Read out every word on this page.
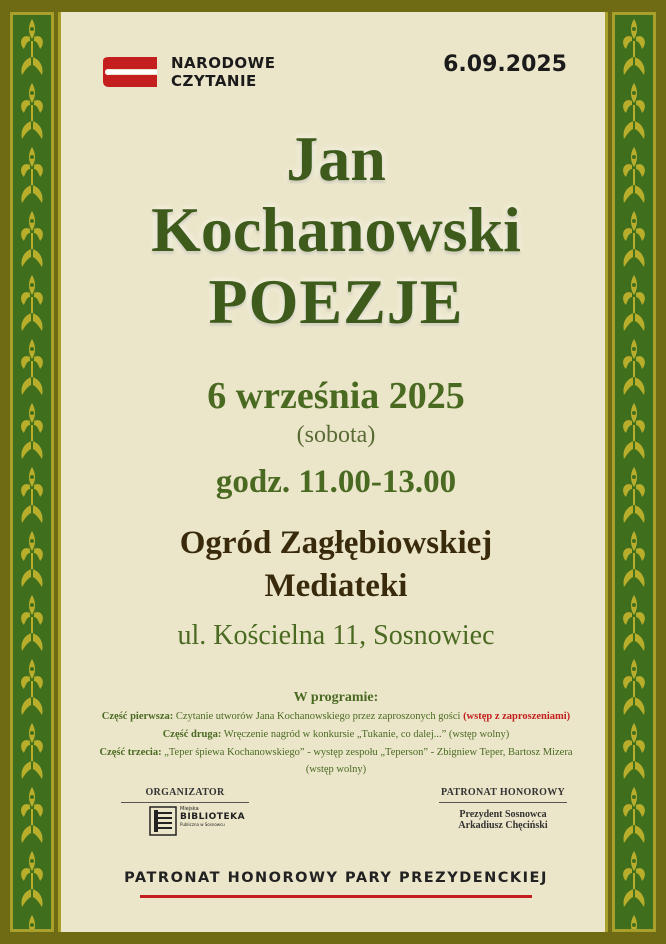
NARODOWE
CZYTANIE
6.09.2025
Jan
Kochanowski
POEZJE
6 września 2025
(sobota)
godz. 11.00-13.00
Ogród Zagłębiowskiej
Mediateki
ul. Kościelna 11, Sosnowiec
W programie:
Część pierwsza: Czytanie utworów Jana Kochanowskiego przez zaproszonych gości (wstęp z zaproszeniami)
Część druga: Wręczenie nagród w konkursie „Tukanie, co dalej...” (wstęp wolny)
Część trzecia: „Teper śpiewa Kochanowskiego” - występ zespołu „Teperson” - Zbigniew Teper, Bartosz Mizera
(wstęp wolny)
ORGANIZATOR
Miejska
BIBLIOTEKA
Publiczna w Sosnowcu
PATRONAT HONOROWY
Prezydent Sosnowca
Arkadiusz Chęciński
PATRONAT HONOROWY PARY PREZYDENCKIEJ
